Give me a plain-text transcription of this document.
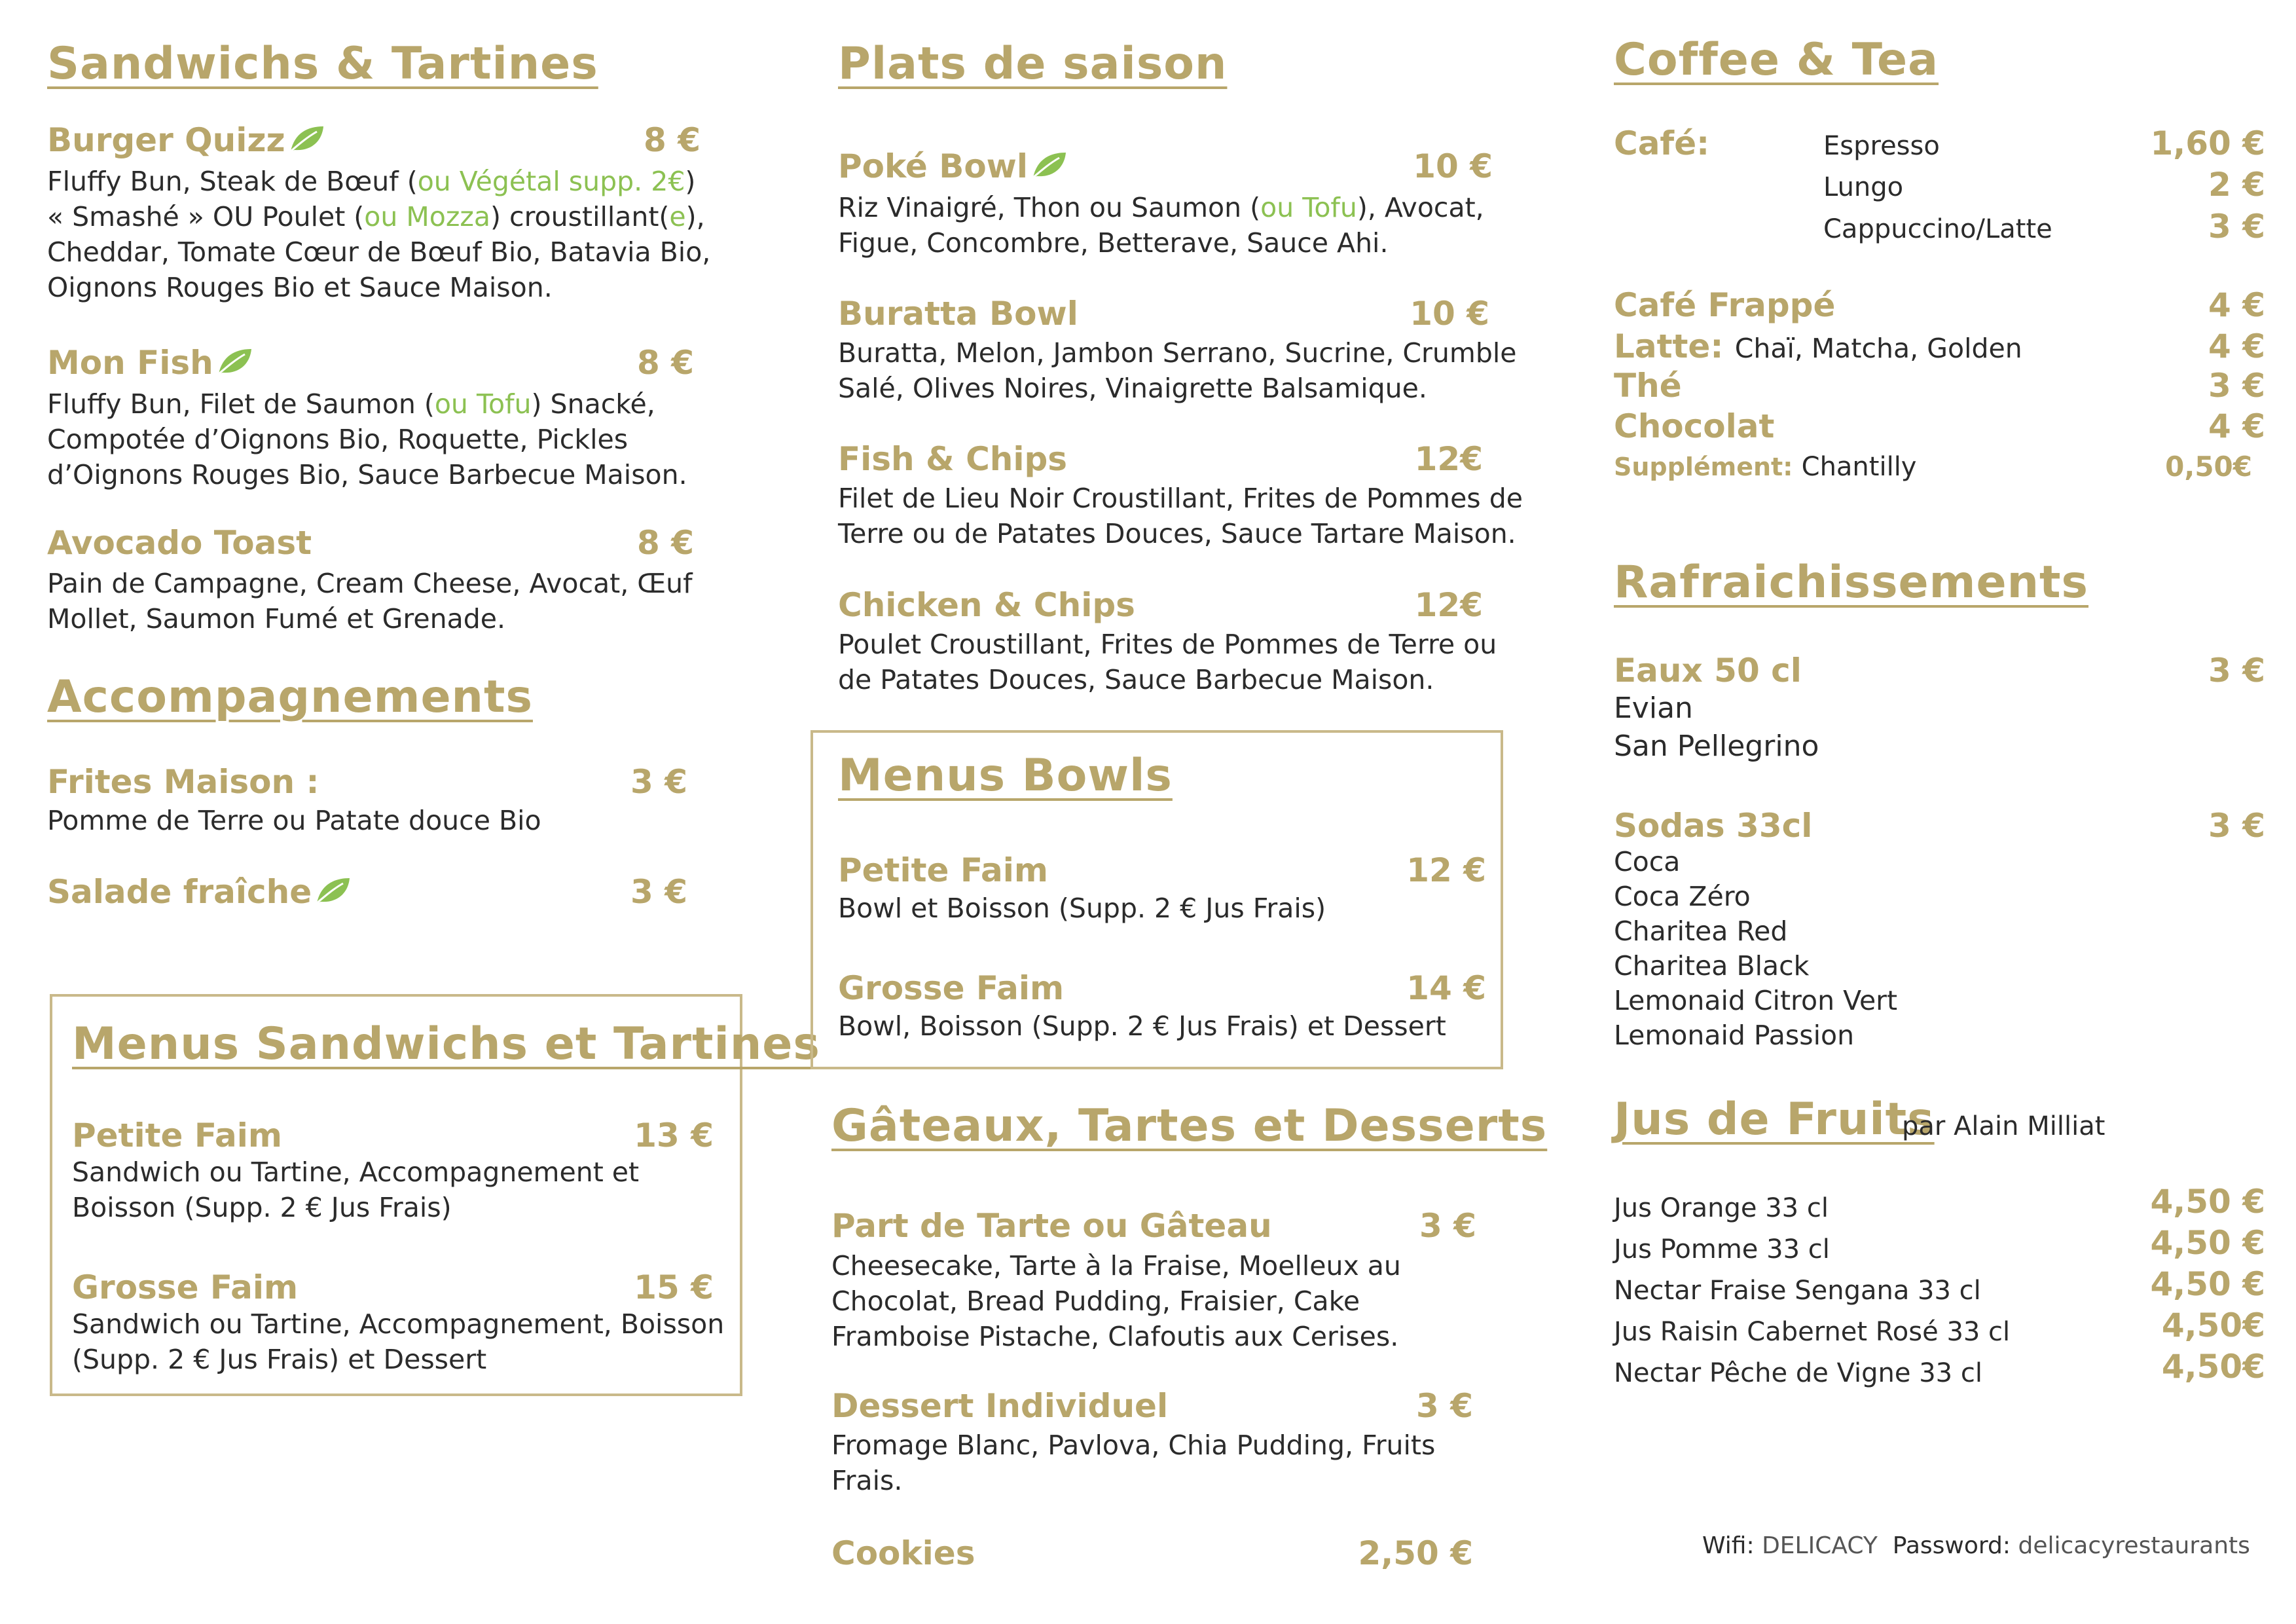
Sandwichs & Tartines
Burger Quizz	8 €
Fluffy Bun, Steak de Bœuf (ou Végétal supp. 2€)
« Smashé » OU Poulet (ou Mozza) croustillant(e),
Cheddar, Tomate Cœur de Bœuf Bio, Batavia Bio,
Oignons Rouges Bio et Sauce Maison.
Mon Fish	8 €
Fluffy Bun, Filet de Saumon (ou Tofu) Snacké,
Compotée d’Oignons Bio, Roquette, Pickles
d’Oignons Rouges Bio, Sauce Barbecue Maison.
Avocado Toast	8 €
Pain de Campagne, Cream Cheese, Avocat, Œuf
Mollet, Saumon Fumé et Grenade.
Accompagnements
Frites Maison :	3 €
Pomme de Terre ou Patate douce Bio
Salade fraîche	3 €
Menus Sandwichs et Tartines
Petite Faim	13 €
Sandwich ou Tartine, Accompagnement et
Boisson (Supp. 2 € Jus Frais)
Grosse Faim	15 €
Sandwich ou Tartine, Accompagnement, Boisson
(Supp. 2 € Jus Frais) et Dessert
Plats de saison
Poké Bowl	10 €
Riz Vinaigré, Thon ou Saumon (ou Tofu), Avocat,
Figue, Concombre, Betterave, Sauce Ahi.
Buratta Bowl	10 €
Buratta, Melon, Jambon Serrano, Sucrine, Crumble
Salé, Olives Noires, Vinaigrette Balsamique.
Fish & Chips	12€
Filet de Lieu Noir Croustillant, Frites de Pommes de
Terre ou de Patates Douces, Sauce Tartare Maison.
Chicken & Chips	12€
Poulet Croustillant, Frites de Pommes de Terre ou
de Patates Douces, Sauce Barbecue Maison.
Menus Bowls
Petite Faim	12 €
Bowl et Boisson (Supp. 2 € Jus Frais)
Grosse Faim	14 €
Bowl, Boisson (Supp. 2 € Jus Frais) et Dessert
Gâteaux, Tartes et Desserts
Part de Tarte ou Gâteau	3 €
Cheesecake, Tarte à la Fraise, Moelleux au
Chocolat, Bread Pudding, Fraisier, Cake
Framboise Pistache, Clafoutis aux Cerises.
Dessert Individuel	3 €
Fromage Blanc, Pavlova, Chia Pudding, Fruits
Frais.
Cookies	2,50 €
Coffee & Tea
Café:	Espresso	1,60 €
Lungo	2 €
Cappuccino/Latte	3 €
Café Frappé	4 €
Latte: Chaï, Matcha, Golden	4 €
Thé	3 €
Chocolat	4 €
Supplément: Chantilly	0,50€
Rafraichissements
Eaux 50 cl	3 €
Evian
San Pellegrino
Sodas 33cl	3 €
Coca
Coca Zéro
Charitea Red
Charitea Black
Lemonaid Citron Vert
Lemonaid Passion
Jus de Fruits
par Alain Milliat
Jus Orange 33 cl	4,50 €
Jus Pomme 33 cl	4,50 €
Nectar Fraise Sengana 33 cl	4,50 €
Jus Raisin Cabernet Rosé 33 cl	4,50€
Nectar Pêche de Vigne 33 cl	4,50€
Wifi: DELICACY Password: delicacyrestaurants
